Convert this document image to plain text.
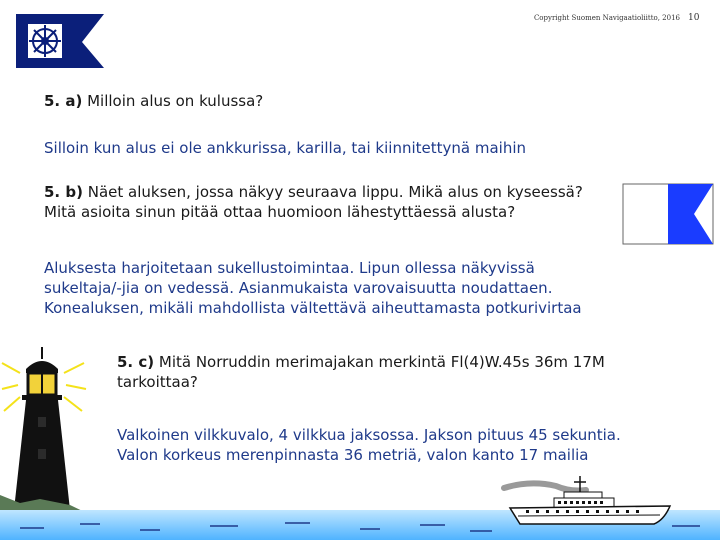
Copyright Suomen Navigaatioliitto, 2016 10
5. a) Milloin alus on kulussa?
Silloin kun alus ei ole ankkurissa, karilla, tai kiinnitettynä maihin
5. b) Näet aluksen, jossa näkyy seuraava lippu. Mikä alus on kyseessä?
Mitä asioita sinun pitää ottaa huomioon lähestyttäessä alusta?
Aluksesta harjoitetaan sukellustoimintaa. Lipun ollessa näkyvissä
sukeltaja/-jia on vedessä. Asianmukaista varovaisuutta noudattaen.
Konealuksen, mikäli mahdollista vältettävä aiheuttamasta potkurivirtaa
5. c) Mitä Norruddin merimajakan merkintä Fl(4)W.45s 36m 17M
tarkoittaa?
Valkoinen vilkkuvalo, 4 vilkkua jaksossa. Jakson pituus 45 sekuntia.
Valon korkeus merenpinnasta 36 metriä, valon kanto 17 mailia
